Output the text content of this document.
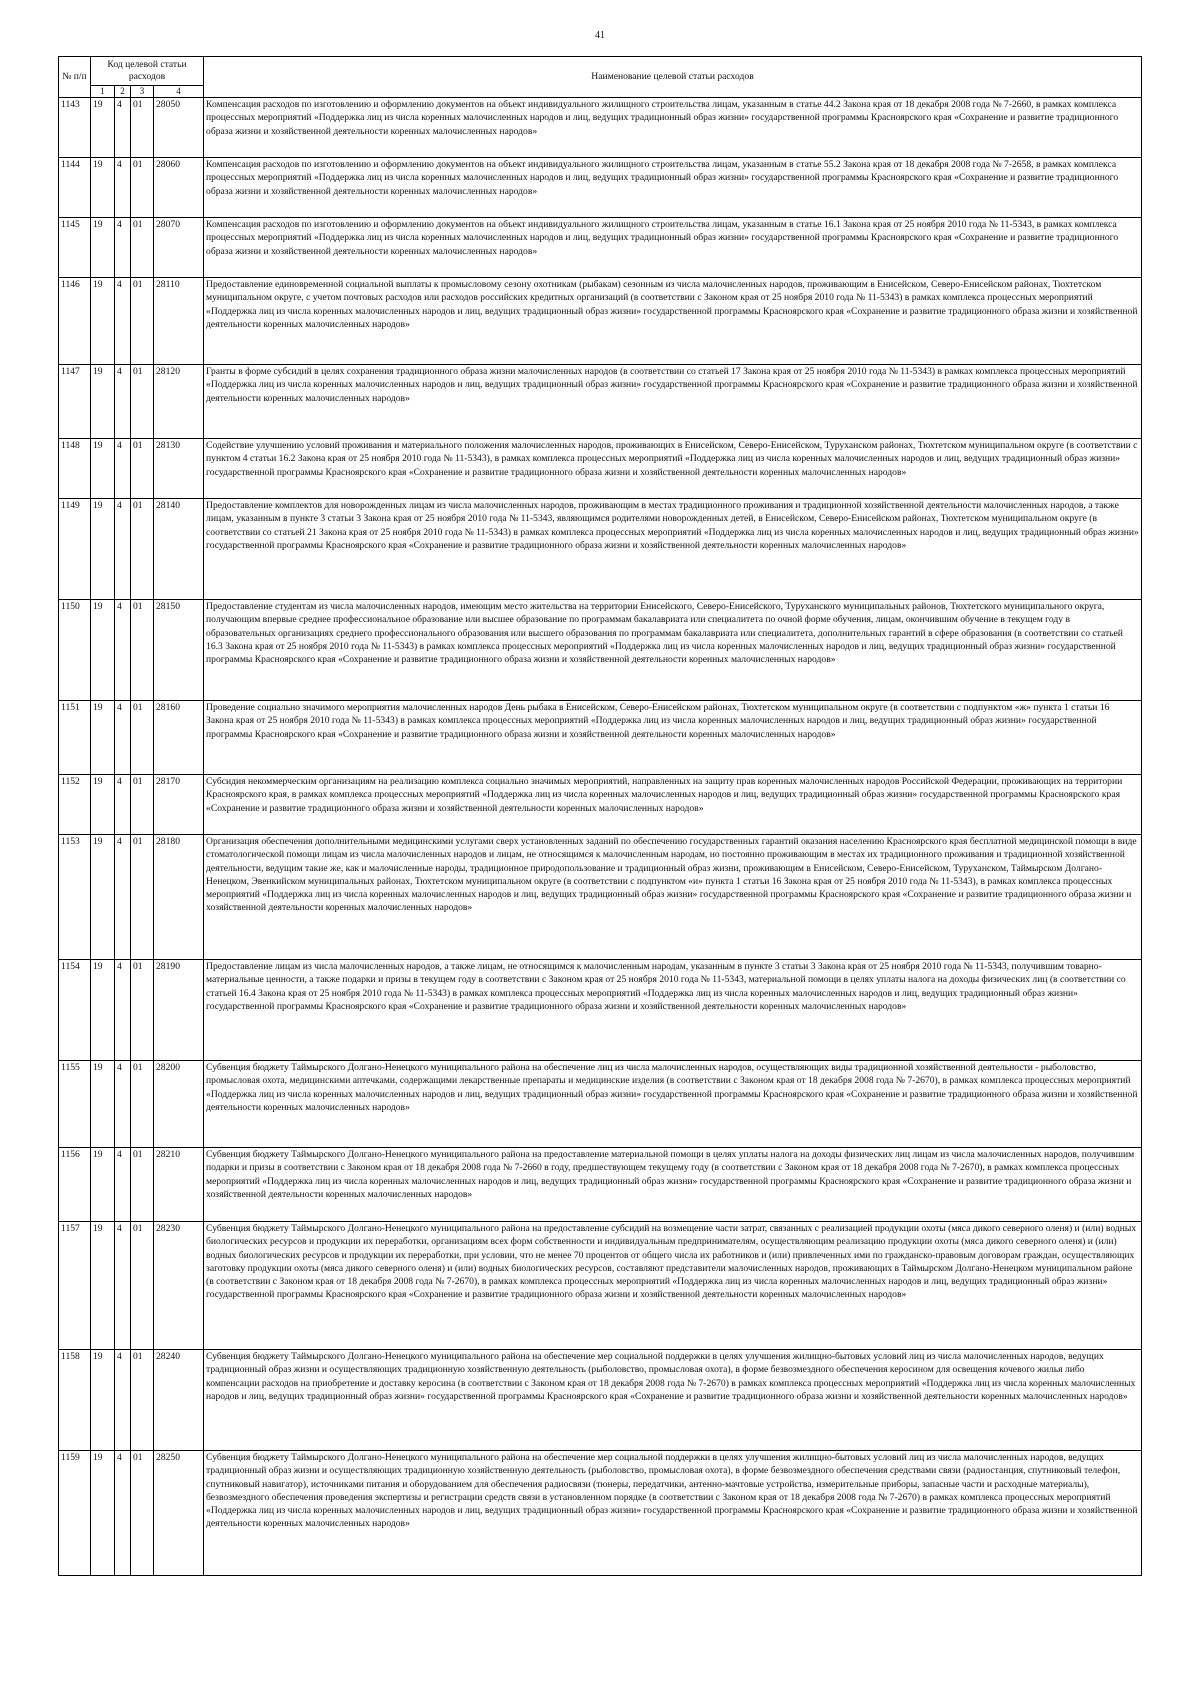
41
№ п/п	Код целевой статьи расходов				Наименование целевой статьи расходов
	1	2	3	4	
1143	19	4	01	28050	Компенсация расходов по изготовлению и оформлению документов на объект индивидуального жилищного строительства лицам, указанным в статье 44.2 Закона края от 18 декабря 2008 года № 7-2660, в рамках комплекса процессных мероприятий «Поддержка лиц из числа коренных малочисленных народов и лиц, ведущих традиционный образ жизни» государственной программы Красноярского края «Сохранение и развитие традиционного образа жизни и хозяйственной деятельности коренных малочисленных народов»
1144	19	4	01	28060	Компенсация расходов по изготовлению и оформлению документов на объект индивидуального жилищного строительства лицам, указанным в статье 55.2 Закона края от 18 декабря 2008 года № 7-2658, в рамках комплекса процессных мероприятий «Поддержка лиц из числа коренных малочисленных народов и лиц, ведущих традиционный образ жизни» государственной программы Красноярского края «Сохранение и развитие традиционного образа жизни и хозяйственной деятельности коренных малочисленных народов»
1145	19	4	01	28070	Компенсация расходов по изготовлению и оформлению документов на объект индивидуального жилищного строительства лицам, указанным в статье 16.1 Закона края от 25 ноября 2010 года № 11-5343, в рамках комплекса процессных мероприятий «Поддержка лиц из числа коренных малочисленных народов и лиц, ведущих традиционный образ жизни» государственной программы Красноярского края «Сохранение и развитие традиционного образа жизни и хозяйственной деятельности коренных малочисленных народов»
1146	19	4	01	28110	Предоставление единовременной социальной выплаты к промысловому сезону охотникам (рыбакам) сезонным из числа малочисленных народов, проживающим в Енисейском, Северо-Енисейском районах, Тюхтетском муниципальном округе, с учетом почтовых расходов или расходов российских кредитных организаций (в соответствии с Законом края от 25 ноября 2010 года № 11-5343) в рамках комплекса процессных мероприятий «Поддержка лиц из числа коренных малочисленных народов и лиц, ведущих традиционный образ жизни» государственной программы Красноярского края «Сохранение и развитие традиционного образа жизни и хозяйственной деятельности коренных малочисленных народов»
1147	19	4	01	28120	Гранты в форме субсидий в целях сохранения традиционного образа жизни малочисленных народов (в соответствии со статьей 17 Закона края от 25 ноября 2010 года № 11-5343) в рамках комплекса процессных мероприятий «Поддержка лиц из числа коренных малочисленных народов и лиц, ведущих традиционный образ жизни» государственной программы Красноярского края «Сохранение и развитие традиционного образа жизни и хозяйственной деятельности коренных малочисленных народов»
1148	19	4	01	28130	Содействие улучшению условий проживания и материального положения малочисленных народов, проживающих в Енисейском, Северо-Енисейском, Туруханском районах, Тюхтетском муниципальном округе (в соответствии с пунктом 4 статьи 16.2 Закона края от 25 ноября 2010 года № 11-5343), в рамках комплекса процессных мероприятий «Поддержка лиц из числа коренных малочисленных народов и лиц, ведущих традиционный образ жизни» государственной программы Красноярского края «Сохранение и развитие традиционного образа жизни и хозяйственной деятельности коренных малочисленных народов»
1149	19	4	01	28140	Предоставление комплектов для новорожденных лицам из числа малочисленных народов, проживающим в местах традиционного проживания и традиционной хозяйственной деятельности малочисленных народов, а также лицам, указанным в пункте 3 статьи 3 Закона края от 25 ноября 2010 года № 11-5343, являющимся родителями новорожденных детей, в Енисейском, Северо-Енисейском районах, Тюхтетском муниципальном округе (в соответствии со статьей 21 Закона края от 25 ноября 2010 года № 11-5343) в рамках комплекса процессных мероприятий «Поддержка лиц из числа коренных малочисленных народов и лиц, ведущих традиционный образ жизни» государственной программы Красноярского края «Сохранение и развитие традиционного образа жизни и хозяйственной деятельности коренных малочисленных народов»
1150	19	4	01	28150	Предоставление студентам из числа малочисленных народов, имеющим место жительства на территории Енисейского, Северо-Енисейского, Туруханского муниципальных районов, Тюхтетского муниципального округа, получающим впервые среднее профессиональное образование или высшее образование по программам бакалавриата или специалитета по очной форме обучения, лицам, окончившим обучение в текущем году в образовательных организациях среднего профессионального образования или высшего образования по программам бакалавриата или специалитета, дополнительных гарантий в сфере образования (в соответствии со статьей 16.3 Закона края от 25 ноября 2010 года № 11-5343) в рамках комплекса процессных мероприятий «Поддержка лиц из числа коренных малочисленных народов и лиц, ведущих традиционный образ жизни» государственной программы Красноярского края «Сохранение и развитие традиционного образа жизни и хозяйственной деятельности коренных малочисленных народов»
1151	19	4	01	28160	Проведение социально значимого мероприятия малочисленных народов День рыбака в Енисейском, Северо-Енисейском районах, Тюхтетском муниципальном округе (в соответствии с подпунктом «ж» пункта 1 статьи 16 Закона края от 25 ноября 2010 года № 11-5343) в рамках комплекса процессных мероприятий «Поддержка лиц из числа коренных малочисленных народов и лиц, ведущих традиционный образ жизни» государственной программы Красноярского края «Сохранение и развитие традиционного образа жизни и хозяйственной деятельности коренных малочисленных народов»
1152	19	4	01	28170	Субсидия некоммерческим организациям на реализацию комплекса социально значимых мероприятий, направленных на защиту прав коренных малочисленных народов Российской Федерации, проживающих на территории Красноярского края, в рамках комплекса процессных мероприятий «Поддержка лиц из числа коренных малочисленных народов и лиц, ведущих традиционный образ жизни» государственной программы Красноярского края «Сохранение и развитие традиционного образа жизни и хозяйственной деятельности коренных малочисленных народов»
1153	19	4	01	28180	Организация обеспечения дополнительными медицинскими услугами сверх установленных заданий по обеспечению государственных гарантий оказания населению Красноярского края бесплатной медицинской помощи в виде стоматологической помощи лицам из числа малочисленных народов и лицам, не относящимся к малочисленным народам, но постоянно проживающим в местах их традиционного проживания и традиционной хозяйственной деятельности, ведущим такие же, как и малочисленные народы, традиционное природопользование и традиционный образ жизни, проживающим в Енисейском, Северо-Енисейском, Туруханском, Таймырском Долгано-Ненецком, Эвенкийском муниципальных районах, Тюхтетском муниципальном округе (в соответствии с подпунктом «и» пункта 1 статьи 16 Закона края от 25 ноября 2010 года № 11-5343), в рамках комплекса процессных мероприятий «Поддержка лиц из числа коренных малочисленных народов и лиц, ведущих традиционный образ жизни» государственной программы Красноярского края «Сохранение и развитие традиционного образа жизни и хозяйственной деятельности коренных малочисленных народов»
1154	19	4	01	28190	Предоставление лицам из числа малочисленных народов, а также лицам, не относящимся к малочисленным народам, указанным в пункте 3 статьи 3 Закона края от 25 ноября 2010 года № 11-5343, получившим товарно-материальные ценности, а также подарки и призы в текущем году в соответствии с Законом края от 25 ноября 2010 года № 11-5343, материальной помощи в целях уплаты налога на доходы физических лиц (в соответствии со статьей 16.4 Закона края от 25 ноября 2010 года № 11-5343) в рамках комплекса процессных мероприятий «Поддержка лиц из числа коренных малочисленных народов и лиц, ведущих традиционный образ жизни» государственной программы Красноярского края «Сохранение и развитие традиционного образа жизни и хозяйственной деятельности коренных малочисленных народов»
1155	19	4	01	28200	Субвенция бюджету Таймырского Долгано-Ненецкого муниципального района на обеспечение лиц из числа малочисленных народов, осуществляющих виды традиционной хозяйственной деятельности - рыболовство, промысловая охота, медицинскими аптечками, содержащими лекарственные препараты и медицинские изделия (в соответствии с Законом края от 18 декабря 2008 года № 7-2670), в рамках комплекса процессных мероприятий «Поддержка лиц из числа коренных малочисленных народов и лиц, ведущих традиционный образ жизни» государственной программы Красноярского края «Сохранение и развитие традиционного образа жизни и хозяйственной деятельности коренных малочисленных народов»
1156	19	4	01	28210	Субвенция бюджету Таймырского Долгано-Ненецкого муниципального района на предоставление материальной помощи в целях уплаты налога на доходы физических лиц лицам из числа малочисленных народов, получившим подарки и призы в соответствии с Законом края от 18 декабря 2008 года № 7-2660 в году, предшествующем текущему году (в соответствии с Законом края от 18 декабря 2008 года № 7-2670), в рамках комплекса процессных мероприятий «Поддержка лиц из числа коренных малочисленных народов и лиц, ведущих традиционный образ жизни» государственной программы Красноярского края «Сохранение и развитие традиционного образа жизни и хозяйственной деятельности коренных малочисленных народов»
1157	19	4	01	28230	Субвенция бюджету Таймырского Долгано-Ненецкого муниципального района на предоставление субсидий на возмещение части затрат, связанных с реализацией продукции охоты (мяса дикого северного оленя) и (или) водных биологических ресурсов и продукции их переработки, организациям всех форм собственности и индивидуальным предпринимателям, осуществляющим реализацию продукции охоты (мяса дикого северного оленя) и (или) водных биологических ресурсов и продукции их переработки, при условии, что не менее 70 процентов от общего числа их работников и (или) привлеченных ими по гражданско-правовым договорам граждан, осуществляющих заготовку продукции охоты (мяса дикого северного оленя) и (или) водных биологических ресурсов, составляют представители малочисленных народов, проживающих в Таймырском Долгано-Ненецком муниципальном районе (в соответствии с Законом края от 18 декабря 2008 года № 7-2670), в рамках комплекса процессных мероприятий «Поддержка лиц из числа коренных малочисленных народов и лиц, ведущих традиционный образ жизни» государственной программы Красноярского края «Сохранение и развитие традиционного образа жизни и хозяйственной деятельности коренных малочисленных народов»
1158	19	4	01	28240	Субвенция бюджету Таймырского Долгано-Ненецкого муниципального района на обеспечение мер социальной поддержки в целях улучшения жилищно-бытовых условий лиц из числа малочисленных народов, ведущих традиционный образ жизни и осуществляющих традиционную хозяйственную деятельность (рыболовство, промысловая охота), в форме безвозмездного обеспечения керосином для освещения кочевого жилья либо компенсации расходов на приобретение и доставку керосина (в соответствии с Законом края от 18 декабря 2008 года № 7-2670) в рамках комплекса процессных мероприятий «Поддержка лиц из числа коренных малочисленных народов и лиц, ведущих традиционный образ жизни» государственной программы Красноярского края «Сохранение и развитие традиционного образа жизни и хозяйственной деятельности коренных малочисленных народов»
1159	19	4	01	28250	Субвенция бюджету Таймырского Долгано-Ненецкого муниципального района на обеспечение мер социальной поддержки в целях улучшения жилищно-бытовых условий лиц из числа малочисленных народов, ведущих традиционный образ жизни и осуществляющих традиционную хозяйственную деятельность (рыболовство, промысловая охота), в форме безвозмездного обеспечения средствами связи (радиостанция, спутниковый телефон, спутниковый навигатор), источниками питания и оборудованием для обеспечения радиосвязи (тюнеры, передатчики, антенно-мачтовые устройства, измерительные приборы, запасные части и расходные материалы), безвозмездного обеспечения проведения экспертизы и регистрации средств связи в установленном порядке (в соответствии с Законом края от 18 декабря 2008 года № 7-2670) в рамках комплекса процессных мероприятий «Поддержка лиц из числа коренных малочисленных народов и лиц, ведущих традиционный образ жизни» государственной программы Красноярского края «Сохранение и развитие традиционного образа жизни и хозяйственной деятельности коренных малочисленных народов»
